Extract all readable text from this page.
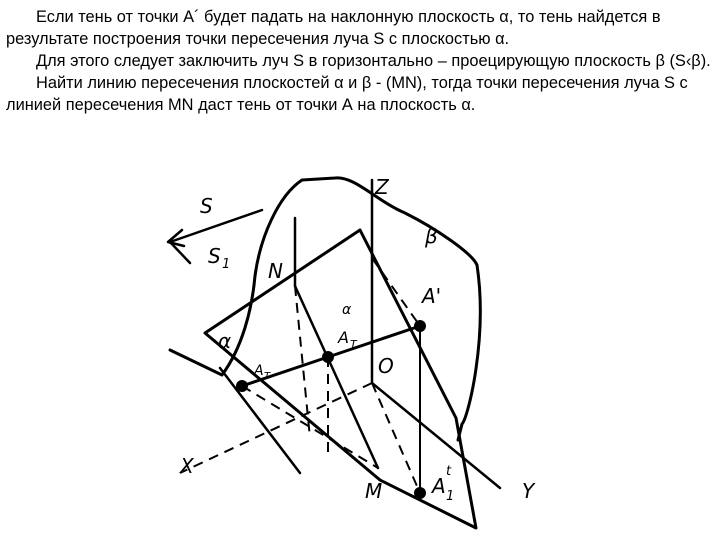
Если тень от точки А´ будет падать на наклонную плоскость α, то тень найдется в результате построения точки пересечения луча S с плоскостью α.

Для этого следует заключить луч S в горизонтально – проецирующую плоскость β (S‹β).

Найти линию пересечения плоскостей α и β - (MN), тогда точки пересечения луча S с линией пересечения MN даст тень от точки А на плоскость α.

S
S 1
Z
β
N
α
α
A T
A'
A T	O
X
M A 1
t
Y
